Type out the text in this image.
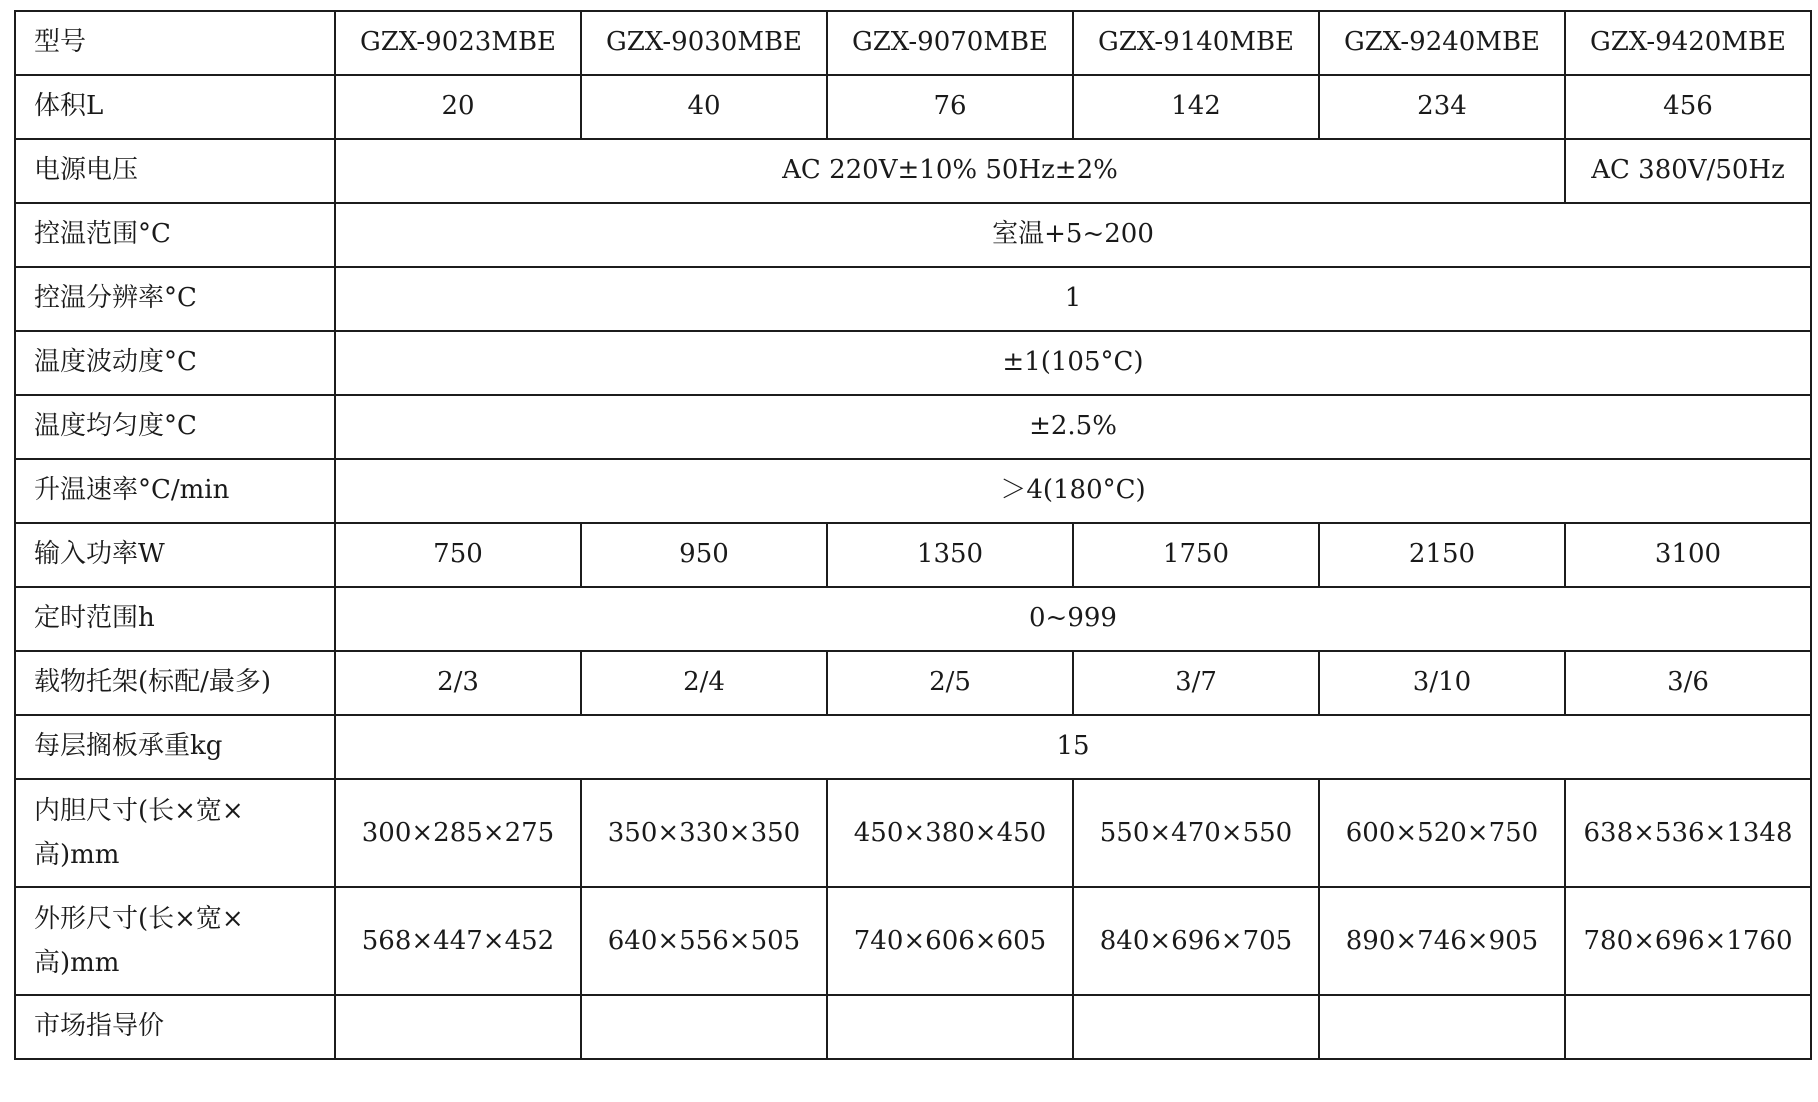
型号	GZX-9023MBE	GZX-9030MBE	GZX-9070MBE	GZX-9140MBE	GZX-9240MBE	GZX-9420MBE
体积L	20	40	76	142	234	456
电源电压	AC 220V±10% 50Hz±2%					AC 380V/50Hz
控温范围°C	室温+5~200					
控温分辨率°C	1					
温度波动度°C	±1(105°C)					
温度均匀度°C	±2.5%					
升温速率°C/min	＞4(180°C)					
输入功率W	750	950	1350	1750	2150	3100
定时范围h	0~999					
载物托架(标配/最多)	2/3	2/4	2/5	3/7	3/10	3/6
每层搁板承重kg	15					
内胆尺寸(长×宽×高)mm	300×285×275	350×330×350	450×380×450	550×470×550	600×520×750	638×536×1348
外形尺寸(长×宽×高)mm	568×447×452	640×556×505	740×606×605	840×696×705	890×746×905	780×696×1760
市场指导价						
